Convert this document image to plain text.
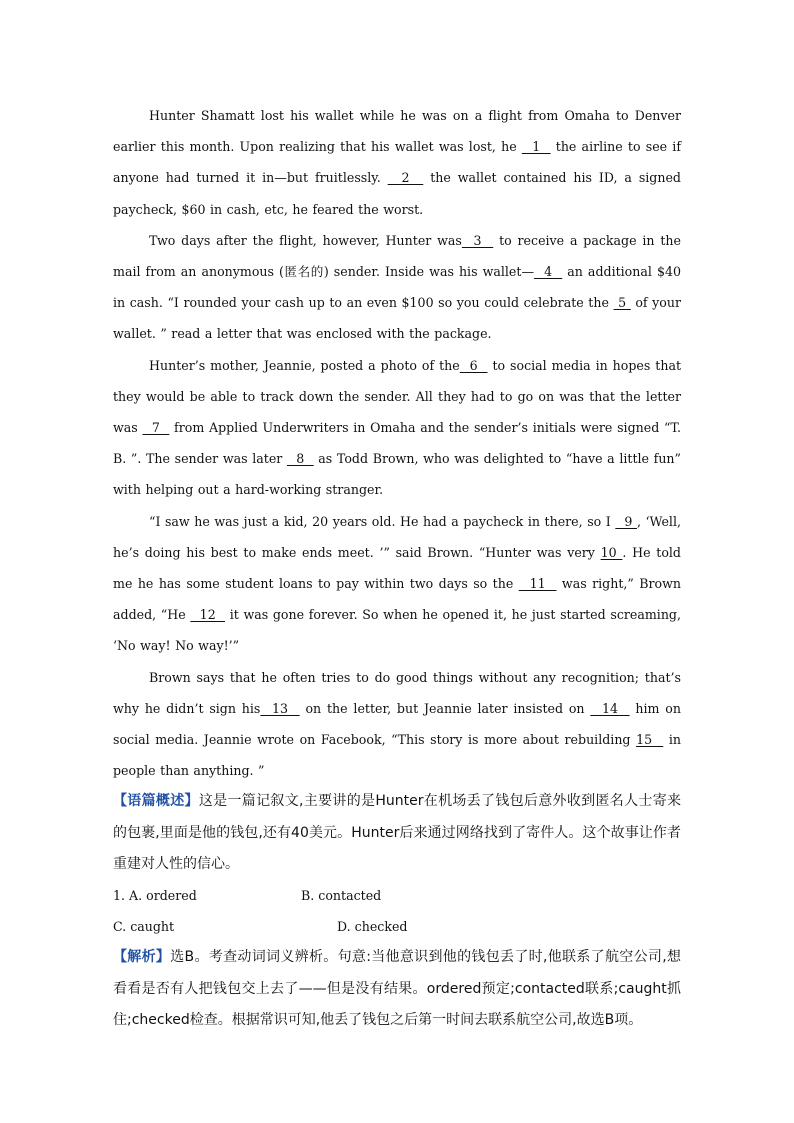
Hunter Shamatt lost his wallet while he was on a flight from Omaha to Denver earlier this month. Upon realizing that his wallet was lost, he   1   the airline to see if anyone had turned it in—but fruitlessly.   2   the wallet contained his ID, a signed paycheck, $60 in cash, etc, he feared the worst.

Two days after the flight, however, Hunter was  3   to receive a package in the mail from an anonymous (匿名的) sender. Inside was his wallet—  4   an additional $40 in cash. “I rounded your cash up to an even $100 so you could celebrate the  5  of your wallet. ” read a letter that was enclosed with the package.

Hunter’s mother, Jeannie, posted a photo of the  6   to social media in hopes that they would be able to track down the sender. All they had to go on was that the letter was   7   from Applied Underwriters in Omaha and the sender’s initials were signed “T. B. ”. The sender was later   8   as Todd Brown, who was delighted to “have a little fun” with helping out a hard-working stranger.

“I saw he was just a kid, 20 years old. He had a paycheck in there, so I   9 , ‘Well, he’s doing his best to make ends meet. ’” said Brown. “Hunter was very 10 . He told me he has some student loans to pay within two days so the   11   was right,” Brown added, “He   12   it was gone forever. So when he opened it, he just started screaming, ‘No way! No way!’”

Brown says that he often tries to do good things without any recognition; that’s why he didn’t sign his  13   on the letter, but Jeannie later insisted on   14   him on social media. Jeannie wrote on Facebook, “This story is more about rebuilding 15   in people than anything. ”

【语篇概述】这是一篇记叙文,主要讲的是Hunter在机场丢了钱包后意外收到匿名人士寄来的包裹,里面是他的钱包,还有40美元。Hunter后来通过网络找到了寄件人。这个故事让作者重建对人性的信心。

1. A. ordered	B. contacted
C. caught	D. checked

【解析】选B。考查动词词义辨析。句意:当他意识到他的钱包丢了时,他联系了航空公司,想看看是否有人把钱包交上去了——但是没有结果。ordered预定;contacted联系;caught抓住;checked检查。根据常识可知,他丢了钱包之后第一时间去联系航空公司,故选B项。
